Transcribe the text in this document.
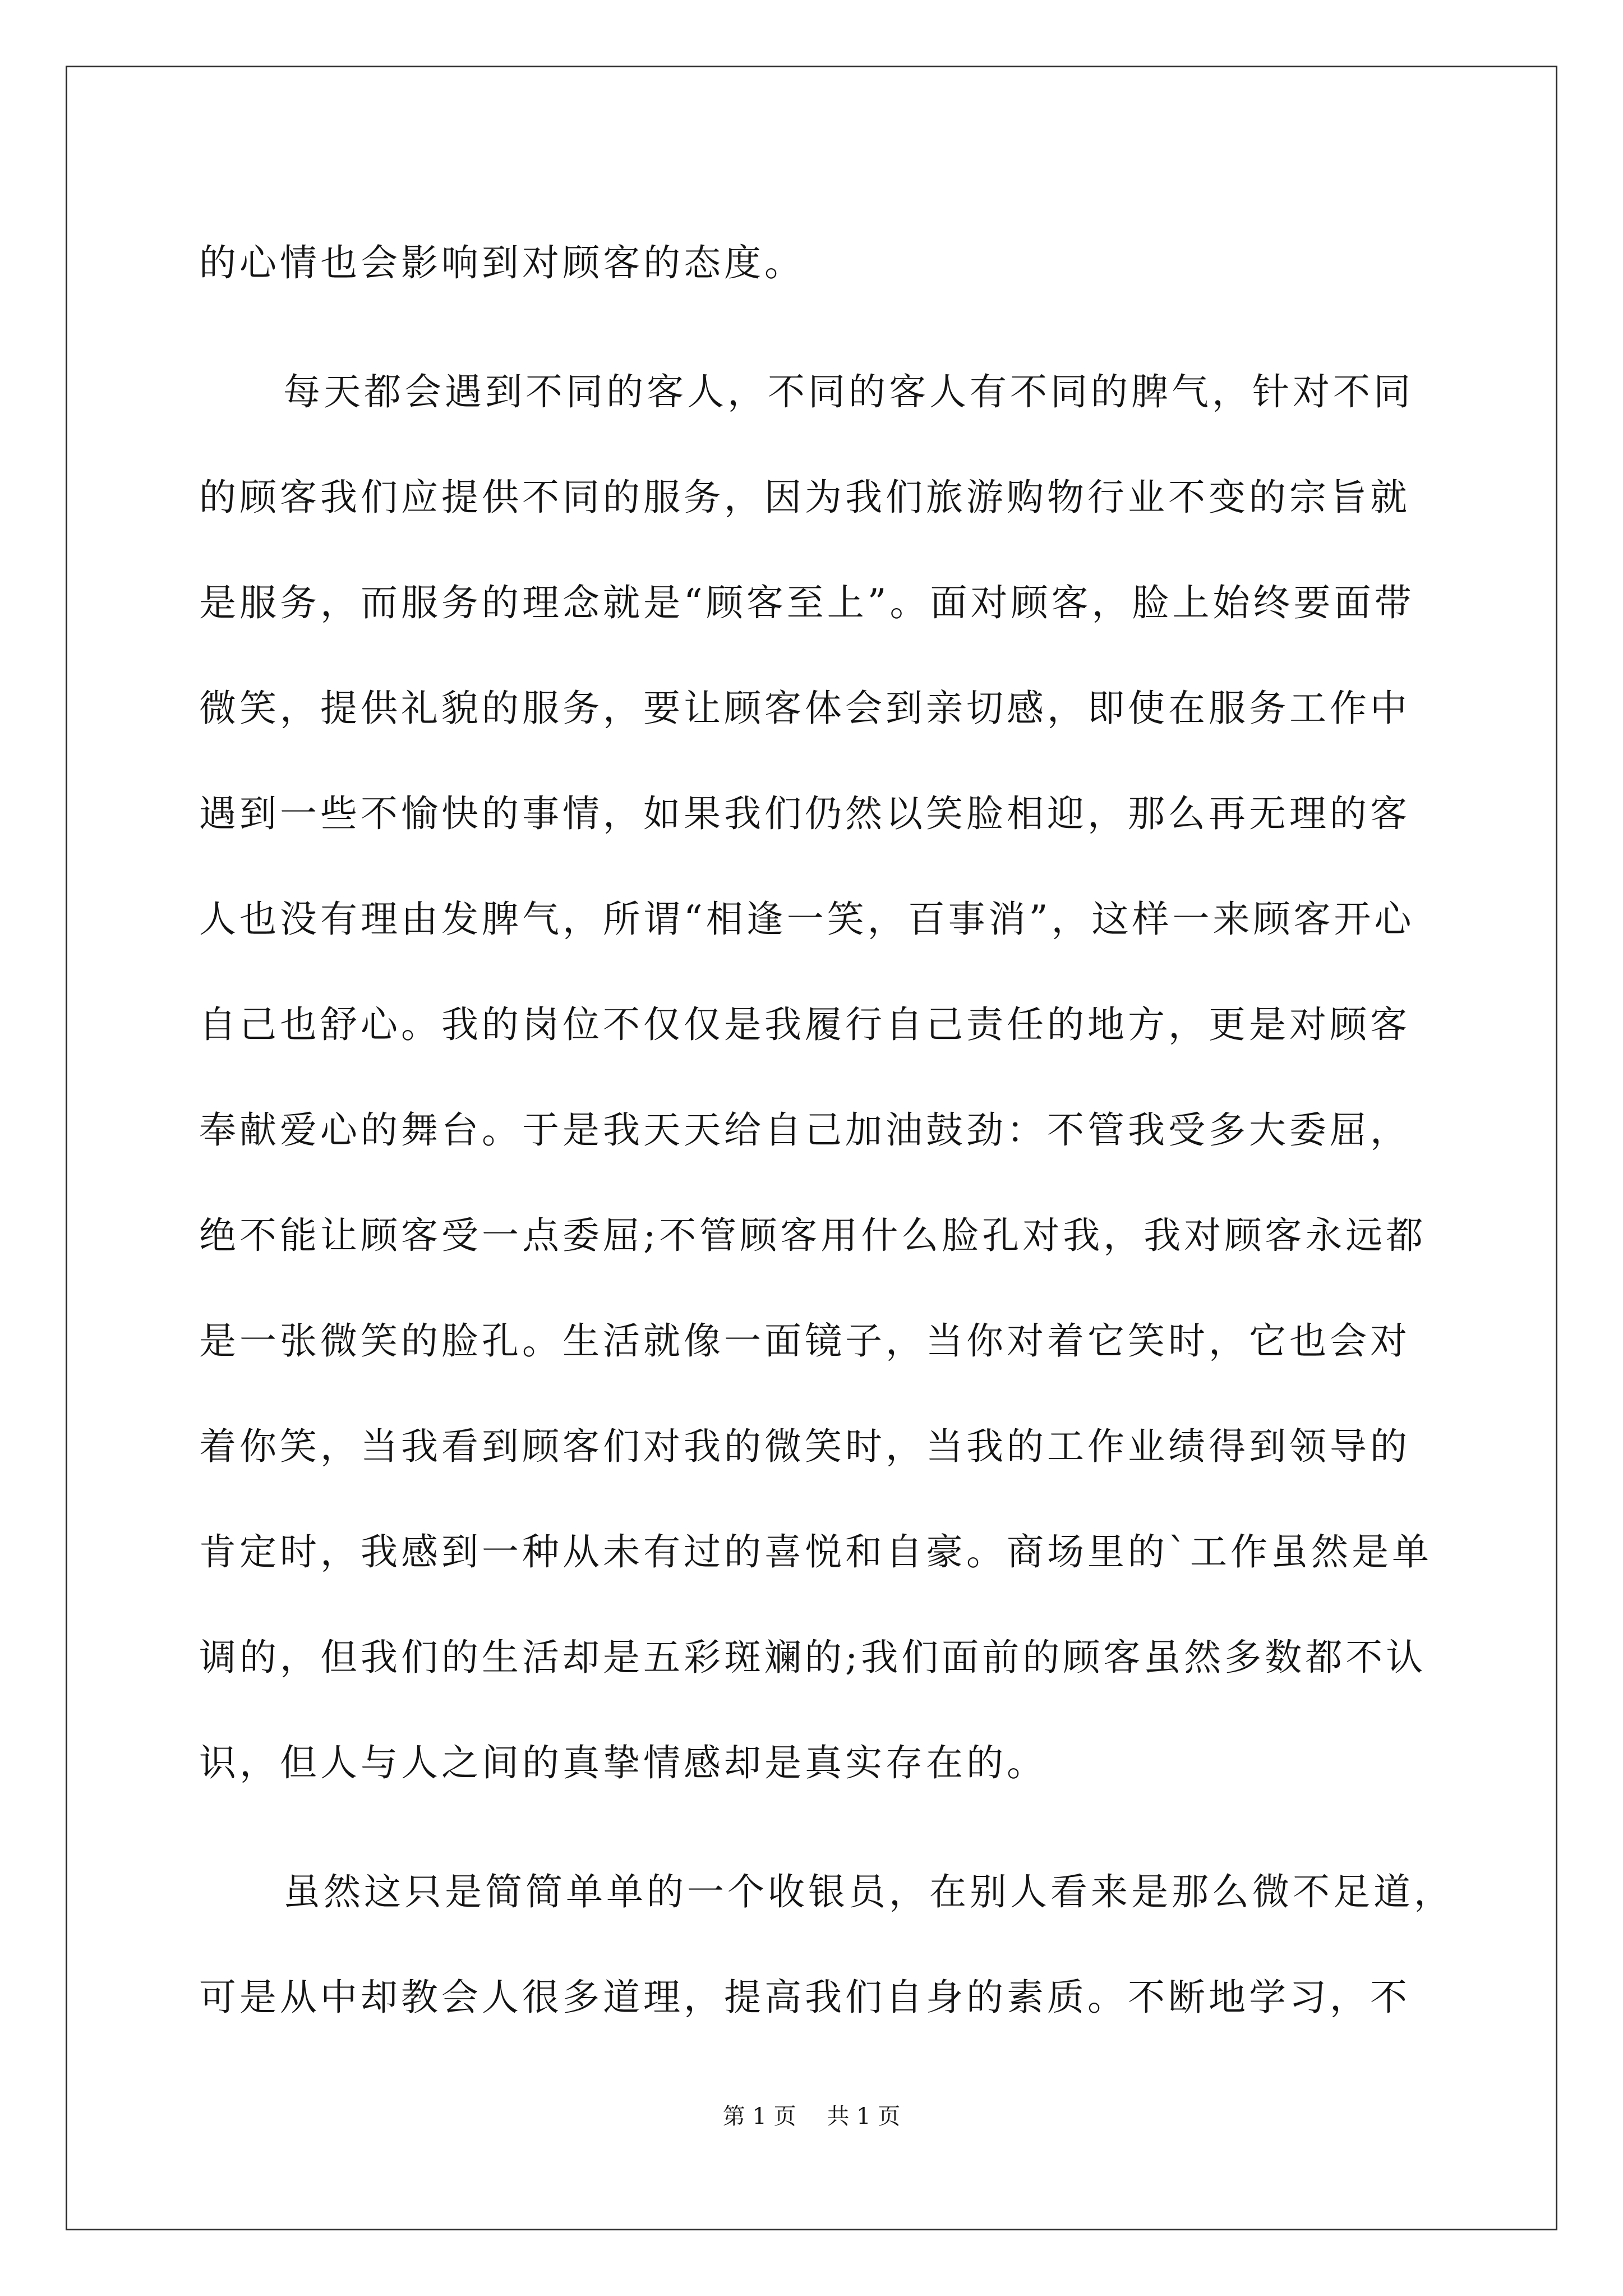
的心情也会影响到对顾客的态度。
每天都会遇到不同的客人，不同的客人有不同的脾气，针对不同
的顾客我们应提供不同的服务，因为我们旅游购物行业不变的宗旨就
是服务，而服务的理念就是“顾客至上”。面对顾客，脸上始终要面带
微笑，提供礼貌的服务，要让顾客体会到亲切感，即使在服务工作中
遇到一些不愉快的事情，如果我们仍然以笑脸相迎，那么再无理的客
人也没有理由发脾气，所谓“相逢一笑，百事消”，这样一来顾客开心
自己也舒心。我的岗位不仅仅是我履行自己责任的地方，更是对顾客
奉献爱心的舞台。于是我天天给自己加油鼓劲：不管我受多大委屈，
绝不能让顾客受一点委屈;不管顾客用什么脸孔对我，我对顾客永远都
是一张微笑的脸孔。生活就像一面镜子，当你对着它笑时，它也会对
着你笑，当我看到顾客们对我的微笑时，当我的工作业绩得到领导的
肯定时，我感到一种从未有过的喜悦和自豪。商场里的`工作虽然是单
调的，但我们的生活却是五彩斑斓的;我们面前的顾客虽然多数都不认
识，但人与人之间的真挚情感却是真实存在的。
虽然这只是简简单单的一个收银员，在别人看来是那么微不足道，
可是从中却教会人很多道理，提高我们自身的素质。不断地学习，不
第 1 页 共 1 页
